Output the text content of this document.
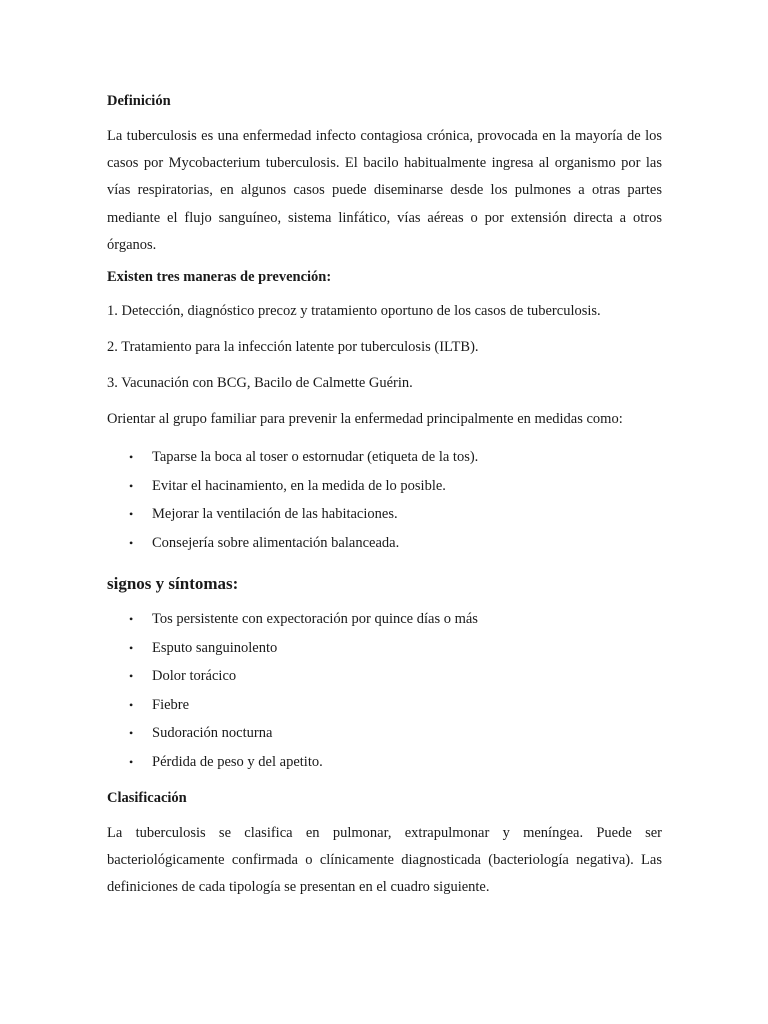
Definición

La tuberculosis es una enfermedad infecto contagiosa crónica, provocada en la mayoría de los casos por Mycobacterium tuberculosis. El bacilo habitualmente ingresa al organismo por las vías respiratorias, en algunos casos puede diseminarse desde los pulmones a otras partes mediante el flujo sanguíneo, sistema linfático, vías aéreas o por extensión directa a otros órganos.

Existen tres maneras de prevención:

1. Detección, diagnóstico precoz y tratamiento oportuno de los casos de tuberculosis.

2. Tratamiento para la infección latente por tuberculosis (ILTB).

3. Vacunación con BCG, Bacilo de Calmette Guérin.

Orientar al grupo familiar para prevenir la enfermedad principalmente en medidas como:

• Taparse la boca al toser o estornudar (etiqueta de la tos).
• Evitar el hacinamiento, en la medida de lo posible.
• Mejorar la ventilación de las habitaciones.
• Consejería sobre alimentación balanceada.
signos y síntomas:
• Tos persistente con expectoración por quince días o más
• Esputo sanguinolento
• Dolor torácico
• Fiebre
• Sudoración nocturna
• Pérdida de peso y del apetito.
Clasificación

La tuberculosis se clasifica en pulmonar, extrapulmonar y meníngea. Puede ser bacteriológicamente confirmada o clínicamente diagnosticada (bacteriología negativa). Las definiciones de cada tipología se presentan en el cuadro siguiente.
